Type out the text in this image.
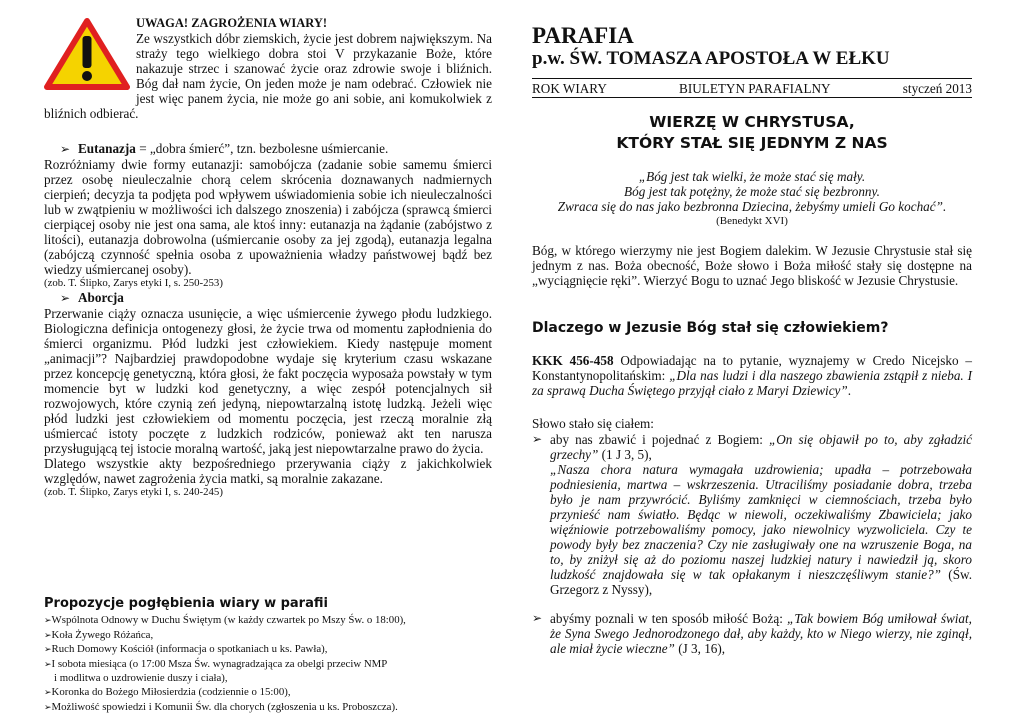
UWAGA! ZAGROŻENIA WIARY!
Ze wszystkich dóbr ziemskich, życie jest dobrem największym. Na straży tego wielkiego dobra stoi V przykazanie Boże, które nakazuje strzec i szanować życie oraz zdrowie swoje i bliźnich. Bóg dał nam życie, On jeden może je nam odebrać. Człowiek nie jest więc panem życia, nie może go ani sobie, ani komukolwiek z bliźnich odbierać.
➢ Eutanazja = „dobra śmierć”, tzn. bezbolesne uśmiercanie.
Rozróżniamy dwie formy eutanazji: samobójcza (zadanie sobie samemu śmierci przez osobę nieuleczalnie chorą celem skrócenia doznawanych nadmiernych cierpień; decyzja ta podjęta pod wpływem uświadomienia sobie ich nieuleczalności lub w zwątpieniu w możliwości ich dalszego znoszenia) i zabójcza (sprawcą śmierci cierpiącej osoby nie jest ona sama, ale ktoś inny: eutanazja na żądanie (zabójstwo z litości), eutanazja dobrowolna (uśmiercanie osoby za jej zgodą), eutanazja legalna (zabójczą czynność spełnia osoba z upoważnienia władzy państwowej bądź bez wiedzy uśmiercanej osoby).
(zob. T. Ślipko, Zarys etyki I, s. 250-253)
➢ Aborcja
Przerwanie ciąży oznacza usunięcie, a więc uśmiercenie żywego płodu ludzkiego. Biologiczna definicja ontogenezy głosi, że życie trwa od momentu zapłodnienia do śmierci organizmu. Płód ludzki jest człowiekiem. Kiedy następuje moment „animacji”? Najbardziej prawdopodobne wydaje się kryterium czasu wskazane przez koncepcję genetyczną, która głosi, że fakt poczęcia wyposaża powstały w tym momencie byt w ludzki kod genetyczny, a więc zespół potencjalnych sił rozwojowych, które czynią zeń jedyną, niepowtarzalną istotę ludzką. Jeżeli więc płód ludzki jest człowiekiem od momentu poczęcia, jest rzeczą moralnie złą uśmiercać istoty poczęte z ludzkich rodziców, ponieważ akt ten narusza przysługującą tej istocie moralną wartość, jaką jest niepowtarzalne prawo do życia.
Dlatego wszystkie akty bezpośredniego przerywania ciąży z jakichkolwiek względów, nawet zagrożenia życia matki, są moralnie zakazane.
(zob. T. Ślipko, Zarys etyki I, s. 240-245)
Propozycje pogłębienia wiary w parafii
➢Wspólnota Odnowy w Duchu Świętym (w każdy czwartek po Mszy Św. o 18:00),
➢Koła Żywego Różańca,
➢Ruch Domowy Kościół (informacja o spotkaniach u ks. Pawła),
➢I sobota miesiąca (o 17:00 Msza Św. wynagradzająca za obelgi przeciw NMP
i modlitwa o uzdrowienie duszy i ciała),
➢Koronka do Bożego Miłosierdzia (codziennie o 15:00),
➢Możliwość spowiedzi i Komunii Św. dla chorych (zgłoszenia u ks. Proboszcza).
PARAFIA
p.w. ŚW. TOMASZA APOSTOŁA W EŁKU
ROK WIARY	BIULETYN PARAFIALNY	styczeń 2013
WIERZĘ W CHRYSTUSA,
KTÓRY STAŁ SIĘ JEDNYM Z NAS
„Bóg jest tak wielki, że może stać się mały.
Bóg jest tak potężny, że może stać się bezbronny.
Zwraca się do nas jako bezbronna Dziecina, żebyśmy umieli Go kochać”.
(Benedykt XVI)
Bóg, w którego wierzymy nie jest Bogiem dalekim. W Jezusie Chrystusie stał się jednym z nas. Boża obecność, Boże słowo i Boża miłość stały się dostępne na „wyciągnięcie ręki”. Wierzyć Bogu to uznać Jego bliskość w Jezusie Chrystusie.
Dlaczego w Jezusie Bóg stał się człowiekiem?
KKK 456-458 Odpowiadając na to pytanie, wyznajemy w Credo Nicejsko – Konstantynopolitańskim: „Dla nas ludzi i dla naszego zbawienia zstąpił z nieba. I za sprawą Ducha Świętego przyjął ciało z Maryi Dziewicy”.
Słowo stało się ciałem:
➢ aby nas zbawić i pojednać z Bogiem: „On się objawił po to, aby zgładzić grzechy” (1 J 3, 5),
„Nasza chora natura wymagała uzdrowienia; upadła – potrzebowała podniesienia, martwa – wskrzeszenia. Utraciliśmy posiadanie dobra, trzeba było je nam przywrócić. Byliśmy zamknięci w ciemnościach, trzeba było przynieść nam światło. Będąc w niewoli, oczekiwaliśmy Zbawiciela; jako więźniowie potrzebowaliśmy pomocy, jako niewolnicy wyzwoliciela. Czy te powody były bez znaczenia? Czy nie zasługiwały one na wzruszenie Boga, na to, by zniżył się aż do poziomu naszej ludzkiej natury i nawiedził ją, skoro ludzkość znajdowała się w tak opłakanym i nieszczęśliwym stanie?” (Św. Grzegorz z Nyssy),
➢ abyśmy poznali w ten sposób miłość Bożą: „Tak bowiem Bóg umiłował świat, że Syna Swego Jednorodzonego dał, aby każdy, kto w Niego wierzy, nie zginął, ale miał życie wieczne” (J 3, 16),
